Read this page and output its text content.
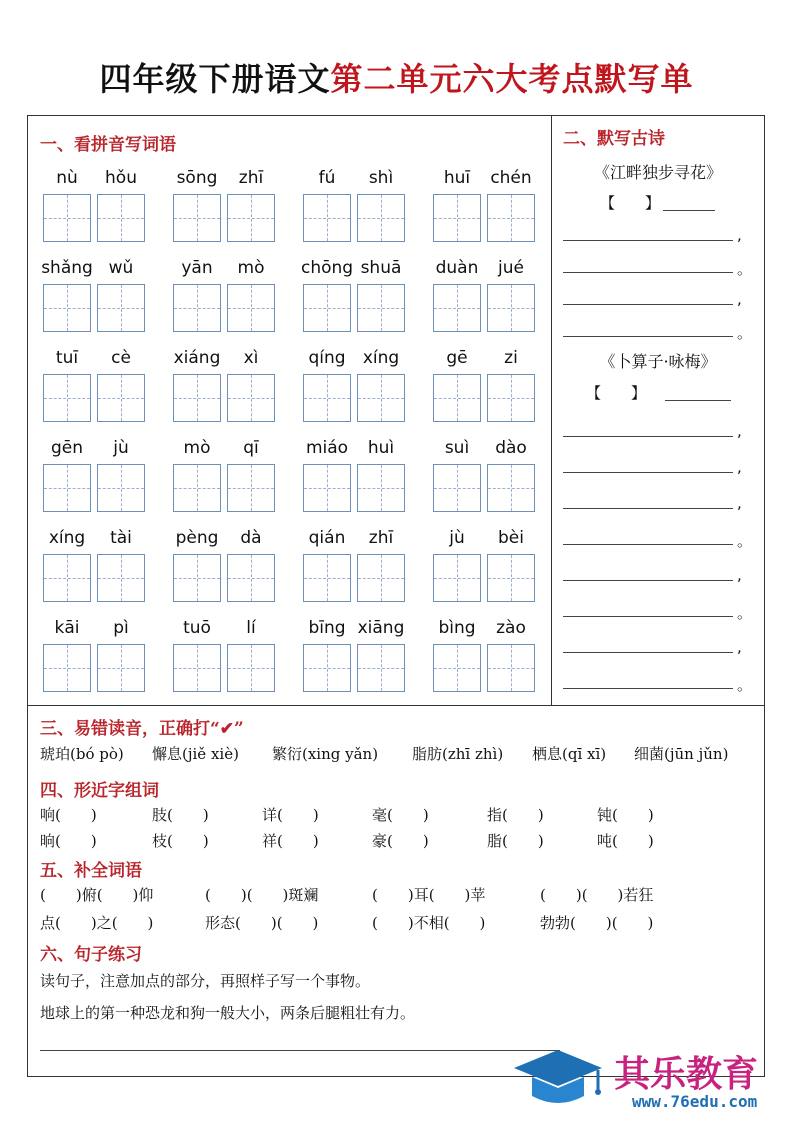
四年级下册语文第二单元六大考点默写单
一、看拼音写词语
nù	hǒu	sōng	zhī	fú	shì	huī	chén
shǎng wǔ	yān	mò	chōng shuā	duàn	jué
tuī	cè	xiáng	xì	qíng	xíng	gē	zi
gēn	jù	mò	qī	miáo	huì	suì	dào
xíng	tài	pèng	dà	qián	zhī	jù	bèi
kāi	pì	tuō	lí	bīng xiāng	bìng	zào
二、默写古诗
《江畔独步寻花》
【　　】
,
。
,
。
《卜算子·咏梅》
【　　】
,
,
,
。
,
。
,
。
三、易错读音，正确打“✔”
琥珀(bó pò) 懈息(jiě xiè) 繁衍(xing yǎn) 脂肪(zhī zhì) 栖息(qī xī) 细菌(jūn jǔn)
四、形近字组词
响(　　)	肢(　　)	详(　　)	毫(　　)	指(　　)	钝(　　)
晌(　　)	枝(　　)	祥(　　)	豪(　　)	脂(　　)	吨(　　)
五、补全词语
(　　)俯(　　)仰	(　　)(　　)斑斓	(　　)耳(　　)苹	(　　)(　　)若狂
点(　　)之(　　)	形态(　　)(　　)	(　　)不相(　　)	勃勃(　　)(　　)
六、句子练习
读句子，注意加点的部分，再照样子写一个事物。
地球上的第一种恐龙和狗一般大小，两条后腿粗壮有力。
其乐教育
www.76edu.com
